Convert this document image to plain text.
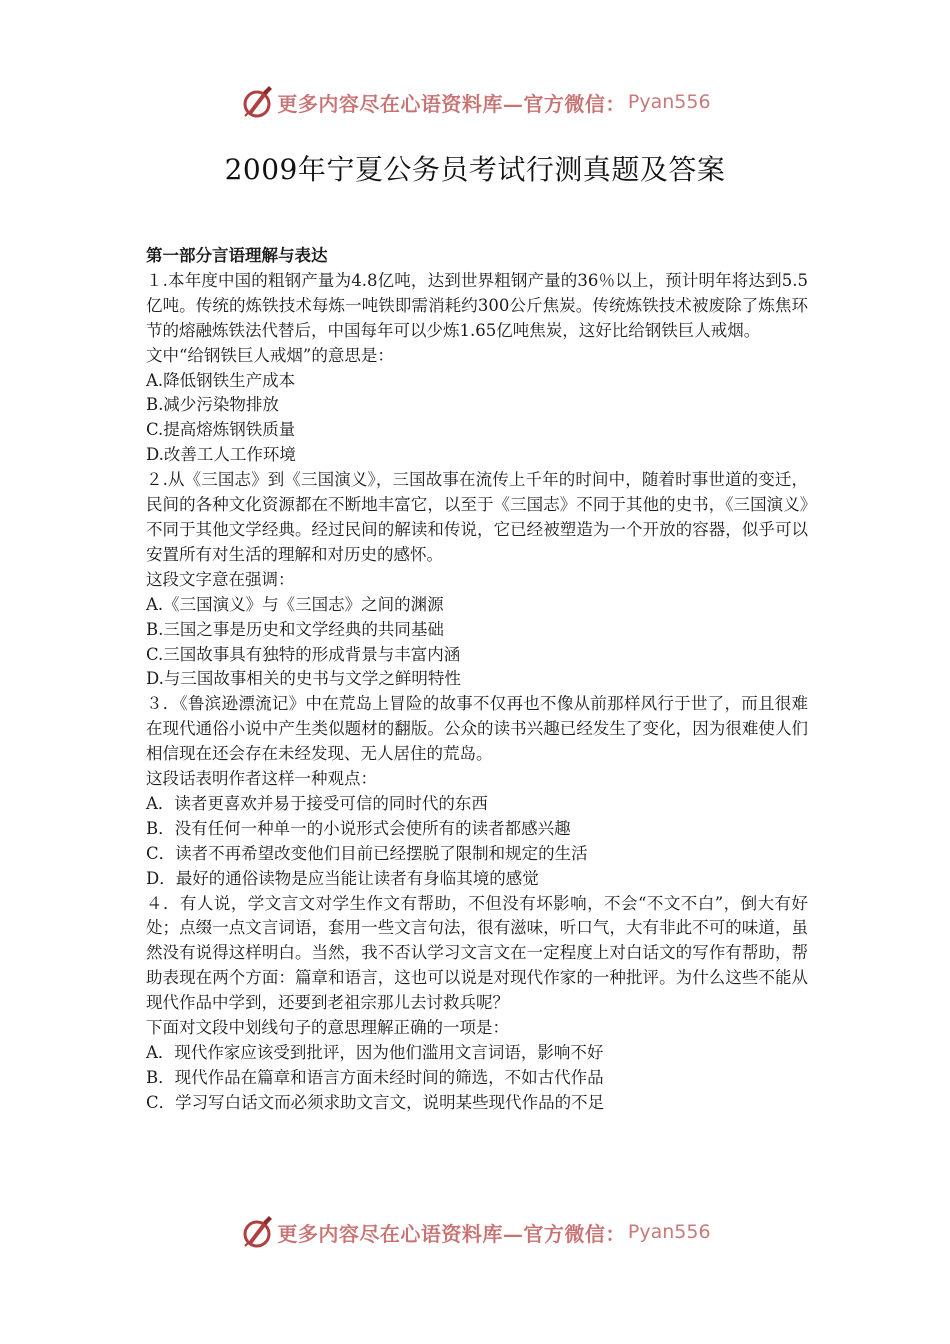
更多内容尽在心语资料库—官方微信： Pyan556
2009年宁夏公务员考试行测真题及答案

第一部分言语理解与表达

１.本年度中国的粗钢产量为4.8亿吨，达到世界粗钢产量的36％以上，预计明年将达到5.5亿吨。传统的炼铁技术每炼一吨铁即需消耗约300公斤焦炭。传统炼铁技术被废除了炼焦环节的熔融炼铁法代替后，中国每年可以少炼1.65亿吨焦炭，这好比给钢铁巨人戒烟。

文中“给钢铁巨人戒烟”的意思是：

A.降低钢铁生产成本

B.减少污染物排放

C.提高熔炼钢铁质量

D.改善工人工作环境

２.从《三国志》到《三国演义》，三国故事在流传上千年的时间中，随着时事世道的变迁，民间的各种文化资源都在不断地丰富它，以至于《三国志》不同于其他的史书，《三国演义》不同于其他文学经典。经过民间的解读和传说，它已经被塑造为一个开放的容器，似乎可以安置所有对生活的理解和对历史的感怀。

这段文字意在强调：

A.《三国演义》与《三国志》之间的渊源

B.三国之事是历史和文学经典的共同基础

C.三国故事具有独特的形成背景与丰富内涵

D.与三国故事相关的史书与文学之鲜明特性

３．《鲁滨逊漂流记》中在荒岛上冒险的故事不仅再也不像从前那样风行于世了，而且很难在现代通俗小说中产生类似题材的翻版。公众的读书兴趣已经发生了变化，因为很难使人们相信现在还会存在未经发现、无人居住的荒岛。

这段话表明作者这样一种观点：

A．读者更喜欢并易于接受可信的同时代的东西

B．没有任何一种单一的小说形式会使所有的读者都感兴趣

C．读者不再希望改变他们目前已经摆脱了限制和规定的生活

D．最好的通俗读物是应当能让读者有身临其境的感觉

４．有人说，学文言文对学生作文有帮助，不但没有坏影响，不会“不文不白”，倒大有好处；点缀一点文言词语，套用一些文言句法，很有滋味，听口气，大有非此不可的味道，虽然没有说得这样明白。当然，我不否认学习文言文在一定程度上对白话文的写作有帮助，帮助表现在两个方面：篇章和语言，这也可以说是对现代作家的一种批评。为什么这些不能从现代作品中学到，还要到老祖宗那儿去讨救兵呢？

下面对文段中划线句子的意思理解正确的一项是：

A．现代作家应该受到批评，因为他们滥用文言词语，影响不好

B．现代作品在篇章和语言方面未经时间的筛选，不如古代作品

C．学习写白话文而必须求助文言文，说明某些现代作品的不足

更多内容尽在心语资料库—官方微信： Pyan556
